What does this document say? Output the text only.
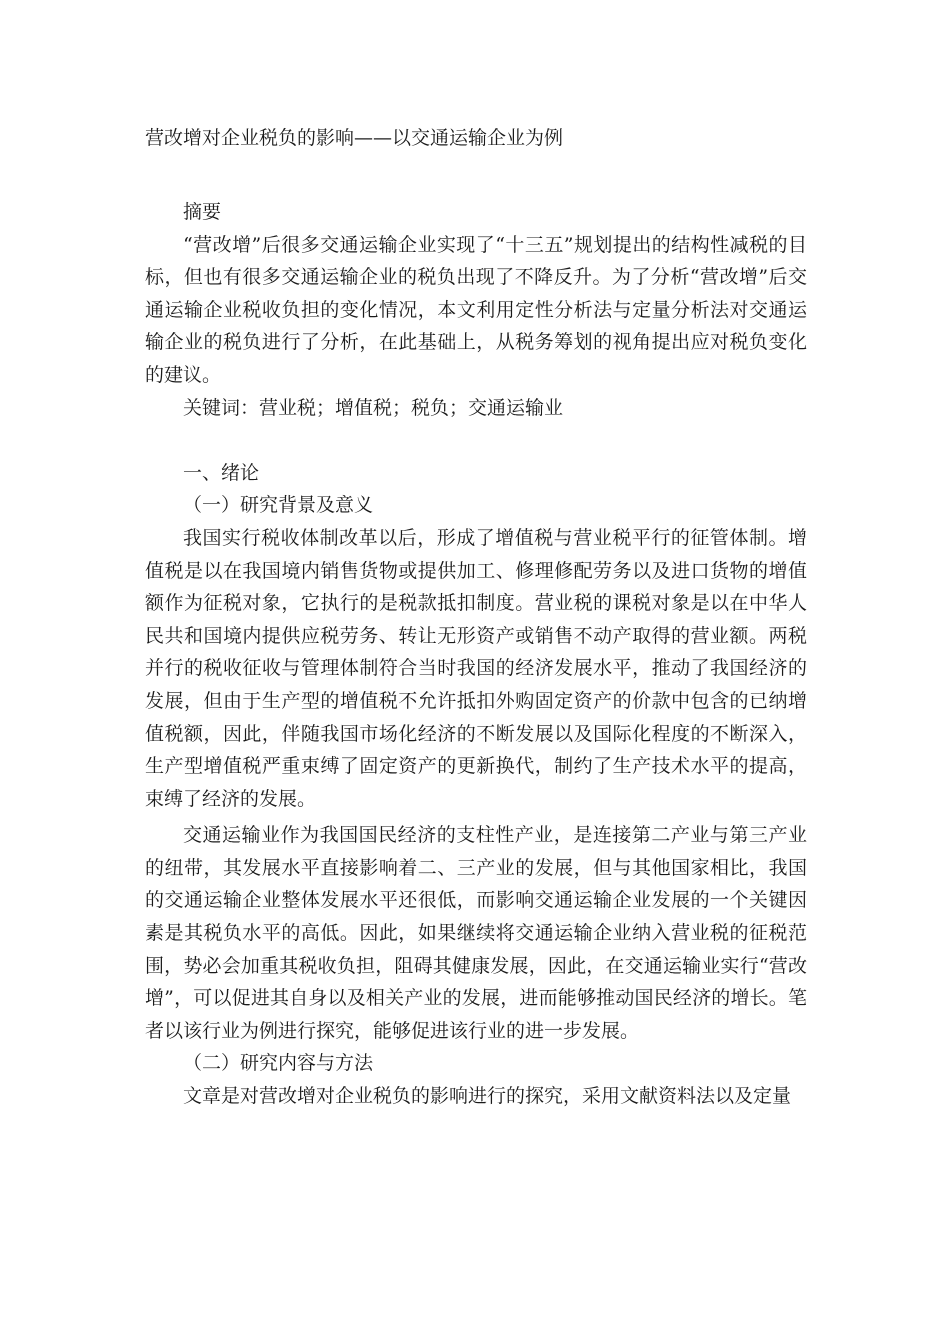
营改增对企业税负的影响——以交通运输企业为例

摘要

“营改增”后很多交通运输企业实现了“十三五”规划提出的结构性减税的目标，但也有很多交通运输企业的税负出现了不降反升。为了分析“营改增”后交通运输企业税收负担的变化情况，本文利用定性分析法与定量分析法对交通运输企业的税负进行了分析，在此基础上，从税务筹划的视角提出应对税负变化的建议。

关键词：营业税；增值税；税负；交通运输业

一、绪论

（一）研究背景及意义

我国实行税收体制改革以后，形成了增值税与营业税平行的征管体制。增值税是以在我国境内销售货物或提供加工、修理修配劳务以及进口货物的增值额作为征税对象，它执行的是税款抵扣制度。营业税的课税对象是以在中华人民共和国境内提供应税劳务、转让无形资产或销售不动产取得的营业额。两税并行的税收征收与管理体制符合当时我国的经济发展水平，推动了我国经济的发展，但由于生产型的增值税不允许抵扣外购固定资产的价款中包含的已纳增值税额，因此，伴随我国市场化经济的不断发展以及国际化程度的不断深入，生产型增值税严重束缚了固定资产的更新换代，制约了生产技术水平的提高，束缚了经济的发展。

交通运输业作为我国国民经济的支柱性产业，是连接第二产业与第三产业的纽带，其发展水平直接影响着二、三产业的发展，但与其他国家相比，我国的交通运输企业整体发展水平还很低，而影响交通运输企业发展的一个关键因素是其税负水平的高低。因此，如果继续将交通运输企业纳入营业税的征税范围，势必会加重其税收负担，阻碍其健康发展，因此，在交通运输业实行“营改增”，可以促进其自身以及相关产业的发展，进而能够推动国民经济的增长。笔者以该行业为例进行探究，能够促进该行业的进一步发展。

（二）研究内容与方法

文章是对营改增对企业税负的影响进行的探究，采用文献资料法以及定量
